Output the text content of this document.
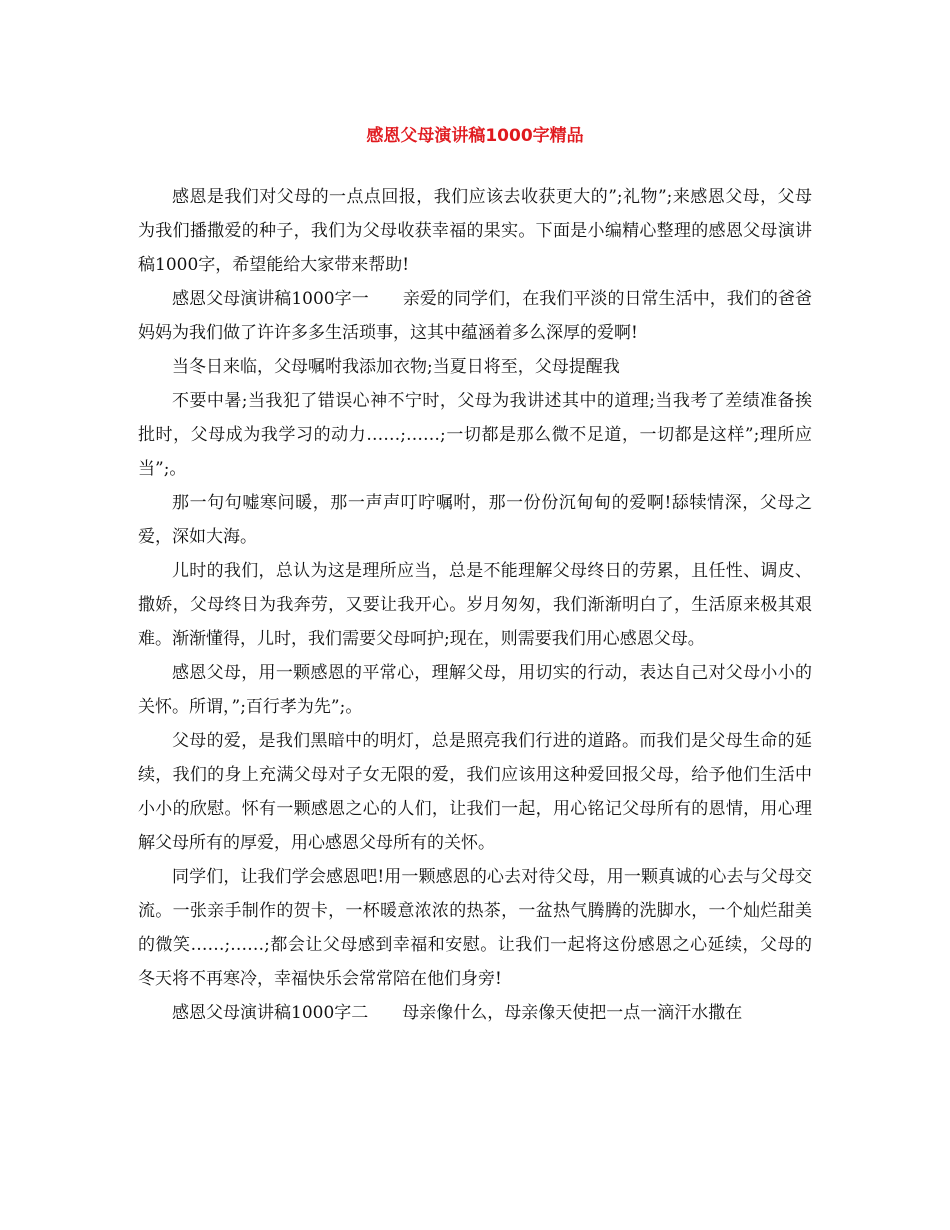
感恩父母演讲稿1000字精品

感恩是我们对父母的一点点回报，我们应该去收获更大的”;礼物”;来感恩父母，父母为我们播撒爱的种子，我们为父母收获幸福的果实。下面是小编精心整理的感恩父母演讲稿1000字，希望能给大家带来帮助!

感恩父母演讲稿1000字一 亲爱的同学们，在我们平淡的日常生活中，我们的爸爸妈妈为我们做了许许多多生活琐事，这其中蕴涵着多么深厚的爱啊!

当冬日来临，父母嘱咐我添加衣物;当夏日将至，父母提醒我

不要中暑;当我犯了错误心神不宁时，父母为我讲述其中的道理;当我考了差绩准备挨批时，父母成为我学习的动力……;……;一切都是那么微不足道，一切都是这样”;理所应当”;。

那一句句嘘寒问暖，那一声声叮咛嘱咐，那一份份沉甸甸的爱啊!舔犊情深，父母之爱，深如大海。

儿时的我们，总认为这是理所应当，总是不能理解父母终日的劳累，且任性、调皮、撒娇，父母终日为我奔劳，又要让我开心。岁月匆匆，我们渐渐明白了，生活原来极其艰难。渐渐懂得，儿时，我们需要父母呵护;现在，则需要我们用心感恩父母。

感恩父母，用一颗感恩的平常心，理解父母，用切实的行动，表达自己对父母小小的关怀。所谓，”;百行孝为先”;。

父母的爱，是我们黑暗中的明灯，总是照亮我们行进的道路。而我们是父母生命的延续，我们的身上充满父母对子女无限的爱，我们应该用这种爱回报父母，给予他们生活中小小的欣慰。怀有一颗感恩之心的人们，让我们一起，用心铭记父母所有的恩情，用心理解父母所有的厚爱，用心感恩父母所有的关怀。

同学们，让我们学会感恩吧!用一颗感恩的心去对待父母，用一颗真诚的心去与父母交流。一张亲手制作的贺卡，一杯暖意浓浓的热茶，一盆热气腾腾的洗脚水，一个灿烂甜美的微笑……;……;都会让父母感到幸福和安慰。让我们一起将这份感恩之心延续，父母的冬天将不再寒冷，幸福快乐会常常陪在他们身旁!

感恩父母演讲稿1000字二 母亲像什么，母亲像天使把一点一滴汗水撒在
